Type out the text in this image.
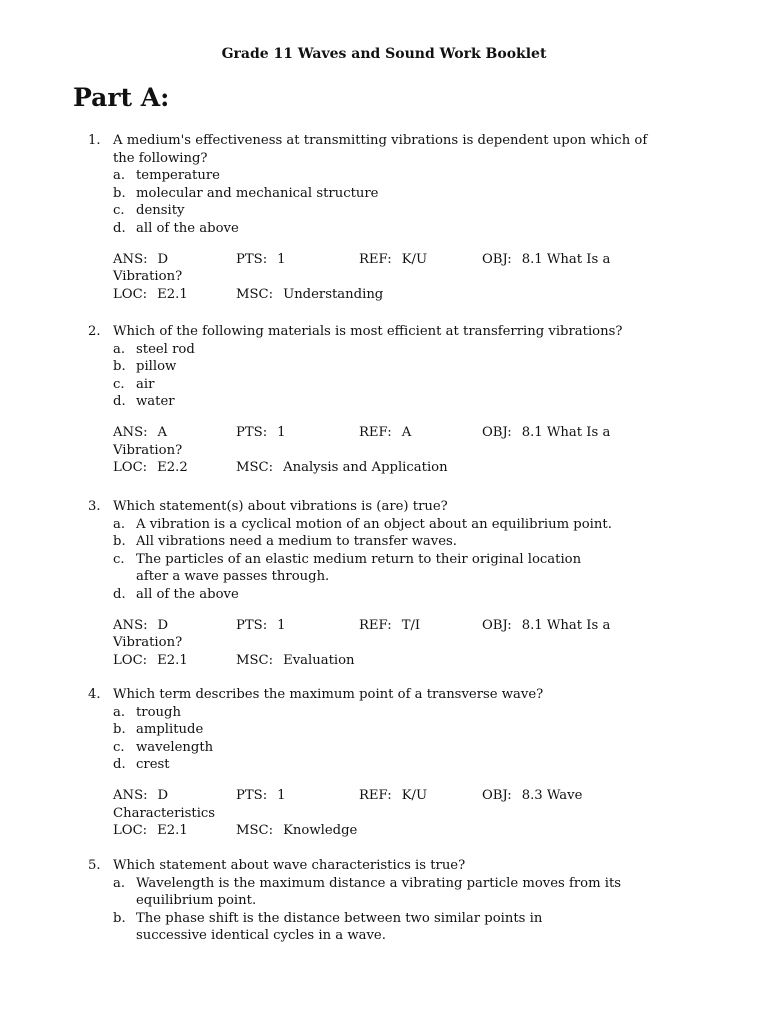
Grade 11 Waves and Sound Work Booklet
Part A:
1. A medium's effectiveness at transmitting vibrations is dependent upon which of the following?
a. temperature
b. molecular and mechanical structure
c. density
d. all of the above
ANS: D	PTS: 1	REF: K/U	OBJ: 8.1 What Is a
Vibration?
LOC: E2.1	MSC: Understanding
2. Which of the following materials is most efficient at transferring vibrations?
a. steel rod
b. pillow
c. air
d. water
ANS: A	PTS: 1	REF: A	OBJ: 8.1 What Is a
Vibration?
LOC: E2.2	MSC: Analysis and Application
3. Which statement(s) about vibrations is (are) true?
a. A vibration is a cyclical motion of an object about an equilibrium point.
b. All vibrations need a medium to transfer waves.
c. The particles of an elastic medium return to their original location after a wave passes through.
d. all of the above
ANS: D	PTS: 1	REF: T/I	OBJ: 8.1 What Is a
Vibration?
LOC: E2.1	MSC: Evaluation
4. Which term describes the maximum point of a transverse wave?
a. trough
b. amplitude
c. wavelength
d. crest
ANS: D	PTS: 1	REF: K/U	OBJ: 8.3 Wave
Characteristics
LOC: E2.1	MSC: Knowledge
5. Which statement about wave characteristics is true?
a. Wavelength is the maximum distance a vibrating particle moves from its equilibrium point.
b. The phase shift is the distance between two similar points in successive identical cycles in a wave.
